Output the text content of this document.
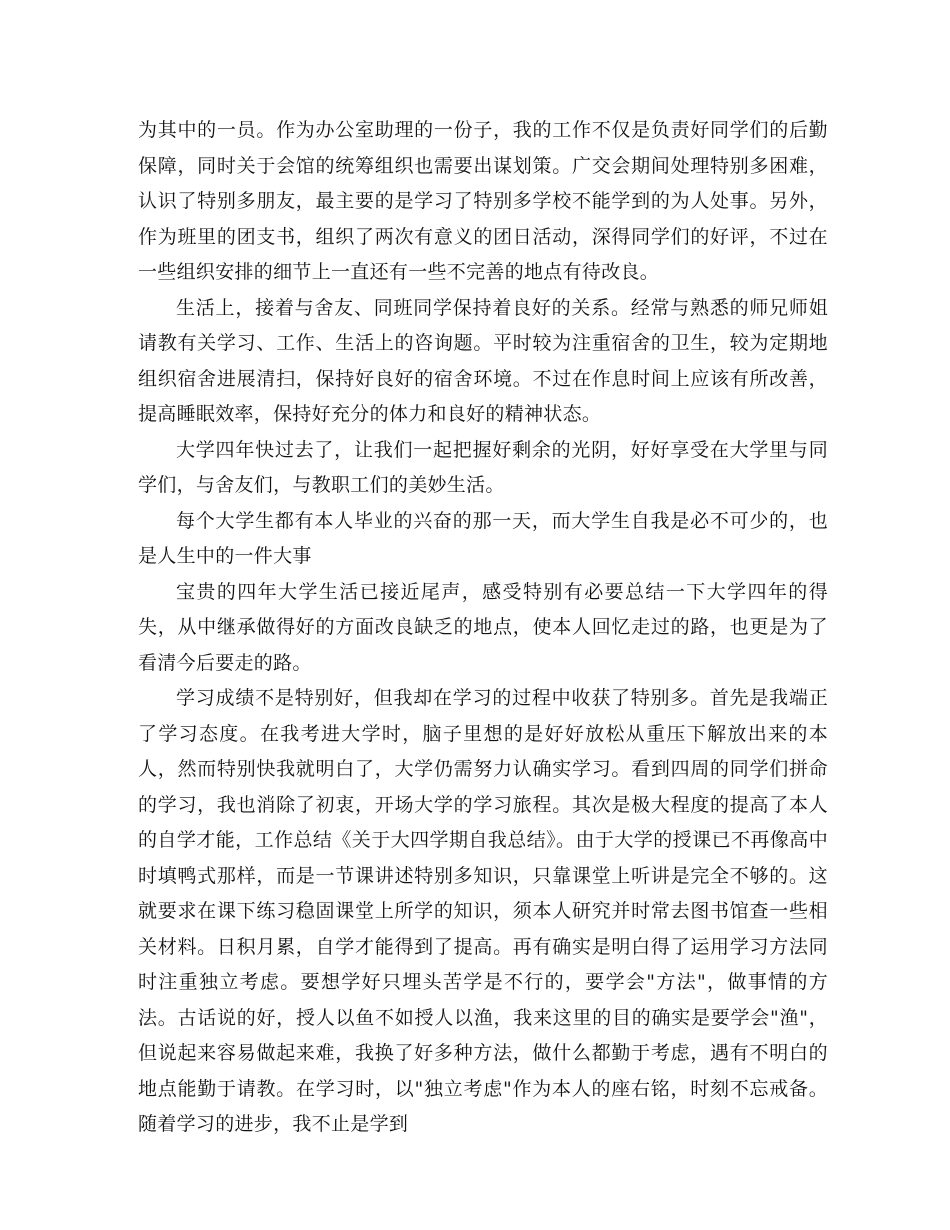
为其中的一员。作为办公室助理的一份子，我的工作不仅是负责好同学们的后勤保障，同时关于会馆的统筹组织也需要出谋划策。广交会期间处理特别多困难，认识了特别多朋友，最主要的是学习了特别多学校不能学到的为人处事。另外，作为班里的团支书，组织了两次有意义的团日活动，深得同学们的好评，不过在一些组织安排的细节上一直还有一些不完善的地点有待改良。

生活上，接着与舍友、同班同学保持着良好的关系。经常与熟悉的师兄师姐请教有关学习、工作、生活上的咨询题。平时较为注重宿舍的卫生，较为定期地组织宿舍进展清扫，保持好良好的宿舍环境。不过在作息时间上应该有所改善，提高睡眠效率，保持好充分的体力和良好的精神状态。

大学四年快过去了，让我们一起把握好剩余的光阴，好好享受在大学里与同学们，与舍友们，与教职工们的美妙生活。

每个大学生都有本人毕业的兴奋的那一天，而大学生自我是必不可少的，也是人生中的一件大事

宝贵的四年大学生活已接近尾声，感受特别有必要总结一下大学四年的得失，从中继承做得好的方面改良缺乏的地点，使本人回忆走过的路，也更是为了看清今后要走的路。

学习成绩不是特别好，但我却在学习的过程中收获了特别多。首先是我端正了学习态度。在我考进大学时，脑子里想的是好好放松从重压下解放出来的本人，然而特别快我就明白了，大学仍需努力认确实学习。看到四周的同学们拼命的学习，我也消除了初衷，开场大学的学习旅程。其次是极大程度的提高了本人的自学才能，工作总结《关于大四学期自我总结》。由于大学的授课已不再像高中时填鸭式那样，而是一节课讲述特别多知识，只靠课堂上听讲是完全不够的。这就要求在课下练习稳固课堂上所学的知识，须本人研究并时常去图书馆查一些相关材料。日积月累，自学才能得到了提高。再有确实是明白得了运用学习方法同时注重独立考虑。要想学好只埋头苦学是不行的，要学会"方法"，做事情的方法。古话说的好，授人以鱼不如授人以渔，我来这里的目的确实是要学会"渔"，但说起来容易做起来难，我换了好多种方法，做什么都勤于考虑，遇有不明白的地点能勤于请教。在学习时，以"独立考虑"作为本人的座右铭，时刻不忘戒备。随着学习的进步，我不止是学到
